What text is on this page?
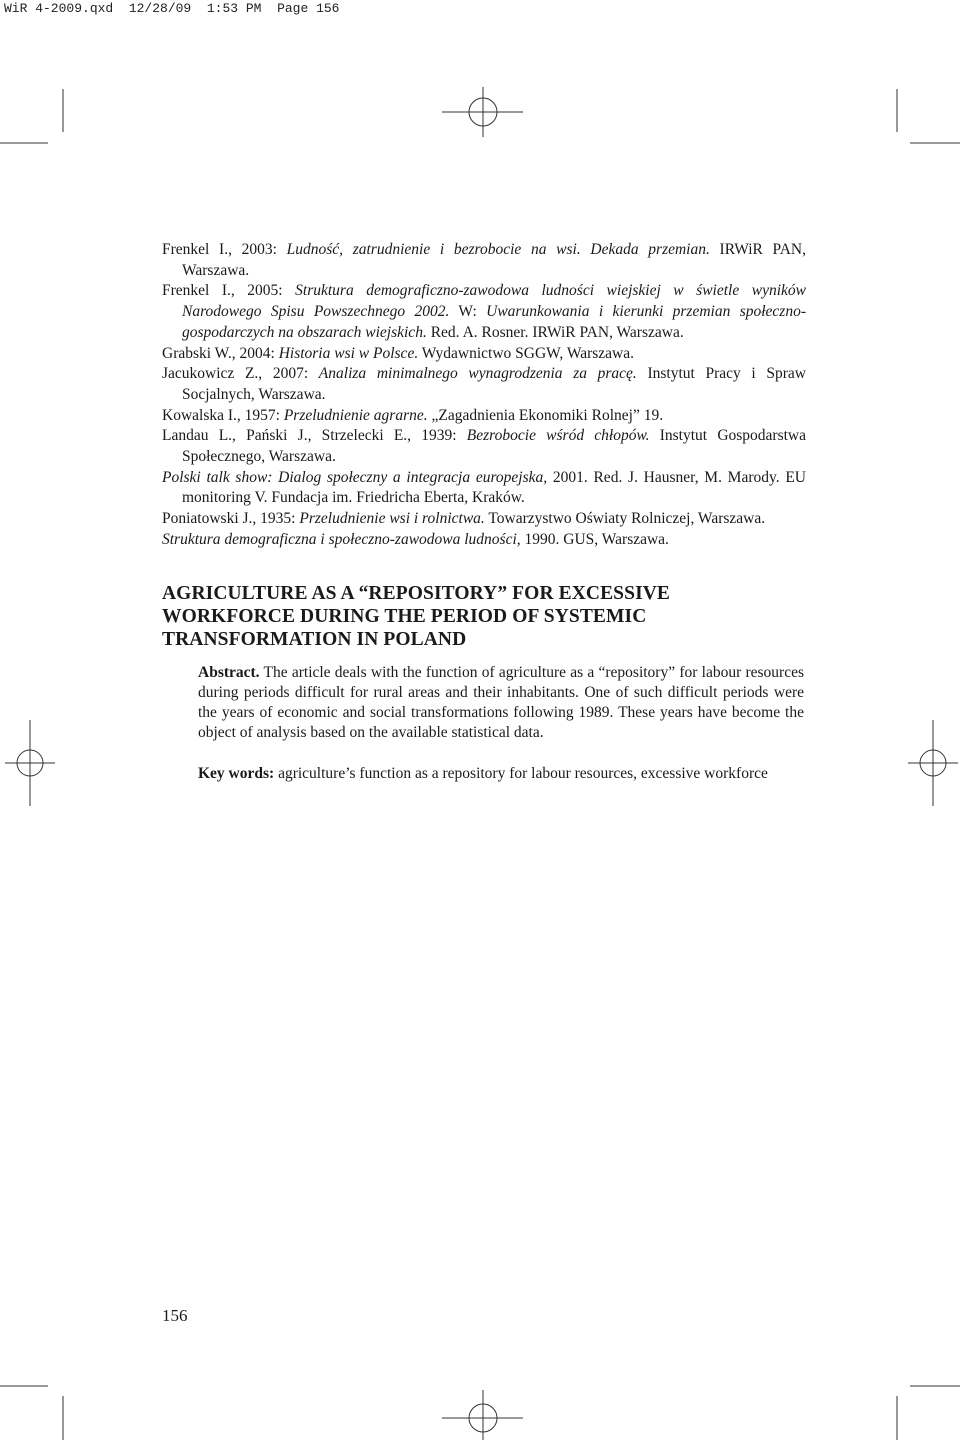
WiR 4-2009.qxd 12/28/09 1:53 PM Page 156
Frenkel I., 2003: Ludność, zatrudnienie i bezrobocie na wsi. Dekada przemian. IRWiR PAN, Warszawa.
Frenkel I., 2005: Struktura demograficzno-zawodowa ludności wiejskiej w świetle wyników Narodowego Spisu Powszechnego 2002. W: Uwarunkowania i kierunki przemian społeczno-gospodarczych na obszarach wiejskich. Red. A. Rosner. IRWiR PAN, Warszawa.
Grabski W., 2004: Historia wsi w Polsce. Wydawnictwo SGGW, Warszawa.
Jacukowicz Z., 2007: Analiza minimalnego wynagrodzenia za pracę. Instytut Pracy i Spraw Socjalnych, Warszawa.
Kowalska I., 1957: Przeludnienie agrarne. „Zagadnienia Ekonomiki Rolnej” 19.
Landau L., Pański J., Strzelecki E., 1939: Bezrobocie wśród chłopów. Instytut Gospodarstwa Społecznego, Warszawa.
Polski talk show: Dialog społeczny a integracja europejska, 2001. Red. J. Hausner, M. Marody. EU monitoring V. Fundacja im. Friedricha Eberta, Kraków.
Poniatowski J., 1935: Przeludnienie wsi i rolnictwa. Towarzystwo Oświaty Rolniczej, Warszawa.
Struktura demograficzna i społeczno-zawodowa ludności, 1990. GUS, Warszawa.
AGRICULTURE AS A “REPOSITORY” FOR EXCESSIVE
WORKFORCE DURING THE PERIOD OF SYSTEMIC
TRANSFORMATION IN POLAND
Abstract. The article deals with the function of agriculture as a “repository” for labour resources during periods difficult for rural areas and their inhabitants. One of such difficult periods were the years of economic and social transformations following 1989. These years have become the object of analysis based on the available statistical data.
Key words: agriculture’s function as a repository for labour resources, excessive workforce
156
